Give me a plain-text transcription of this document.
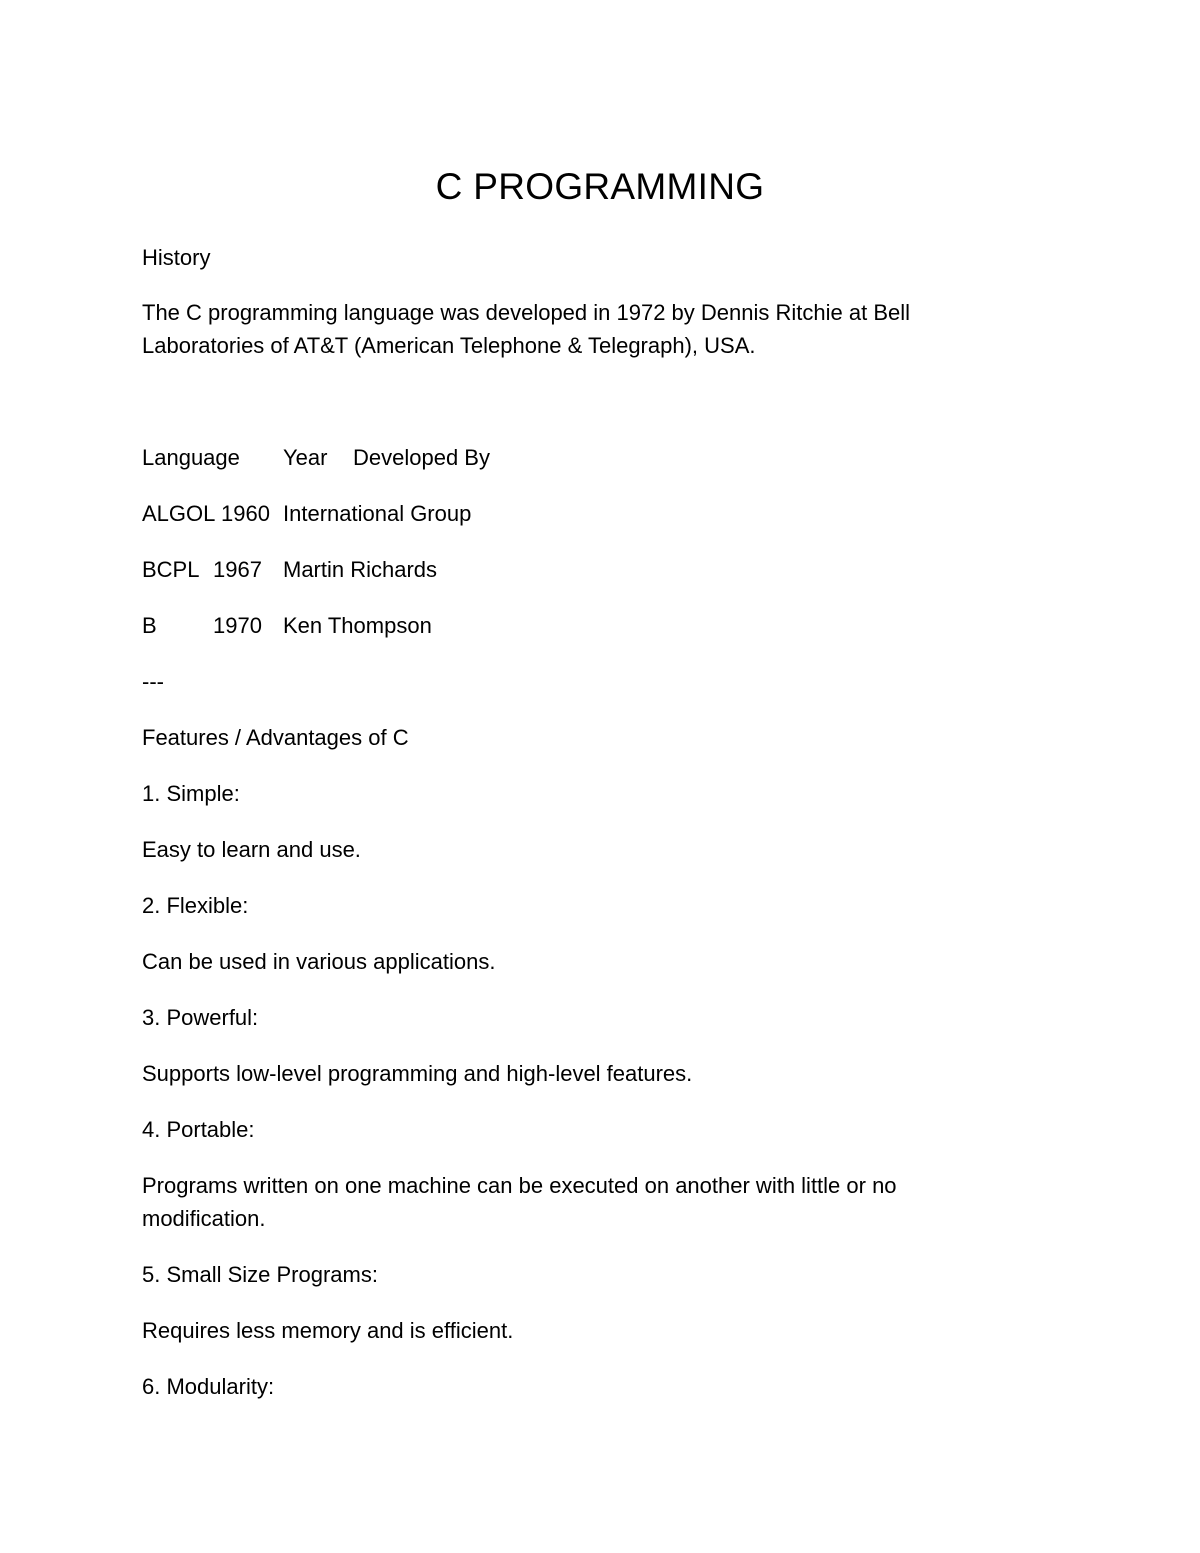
C PROGRAMMING
History
The C programming language was developed in 1972 by Dennis Ritchie at Bell
Laboratories of AT&T (American Telephone & Telegraph), USA.
Language Year Developed By
ALGOL 1960 International Group
BCPL 1967 Martin Richards
B	1970 Ken Thompson
---
Features / Advantages of C
1. Simple:
Easy to learn and use.
2. Flexible:
Can be used in various applications.
3. Powerful:
Supports low-level programming and high-level features.
4. Portable:
Programs written on one machine can be executed on another with little or no
modification.
5. Small Size Programs:
Requires less memory and is efficient.
6. Modularity:
